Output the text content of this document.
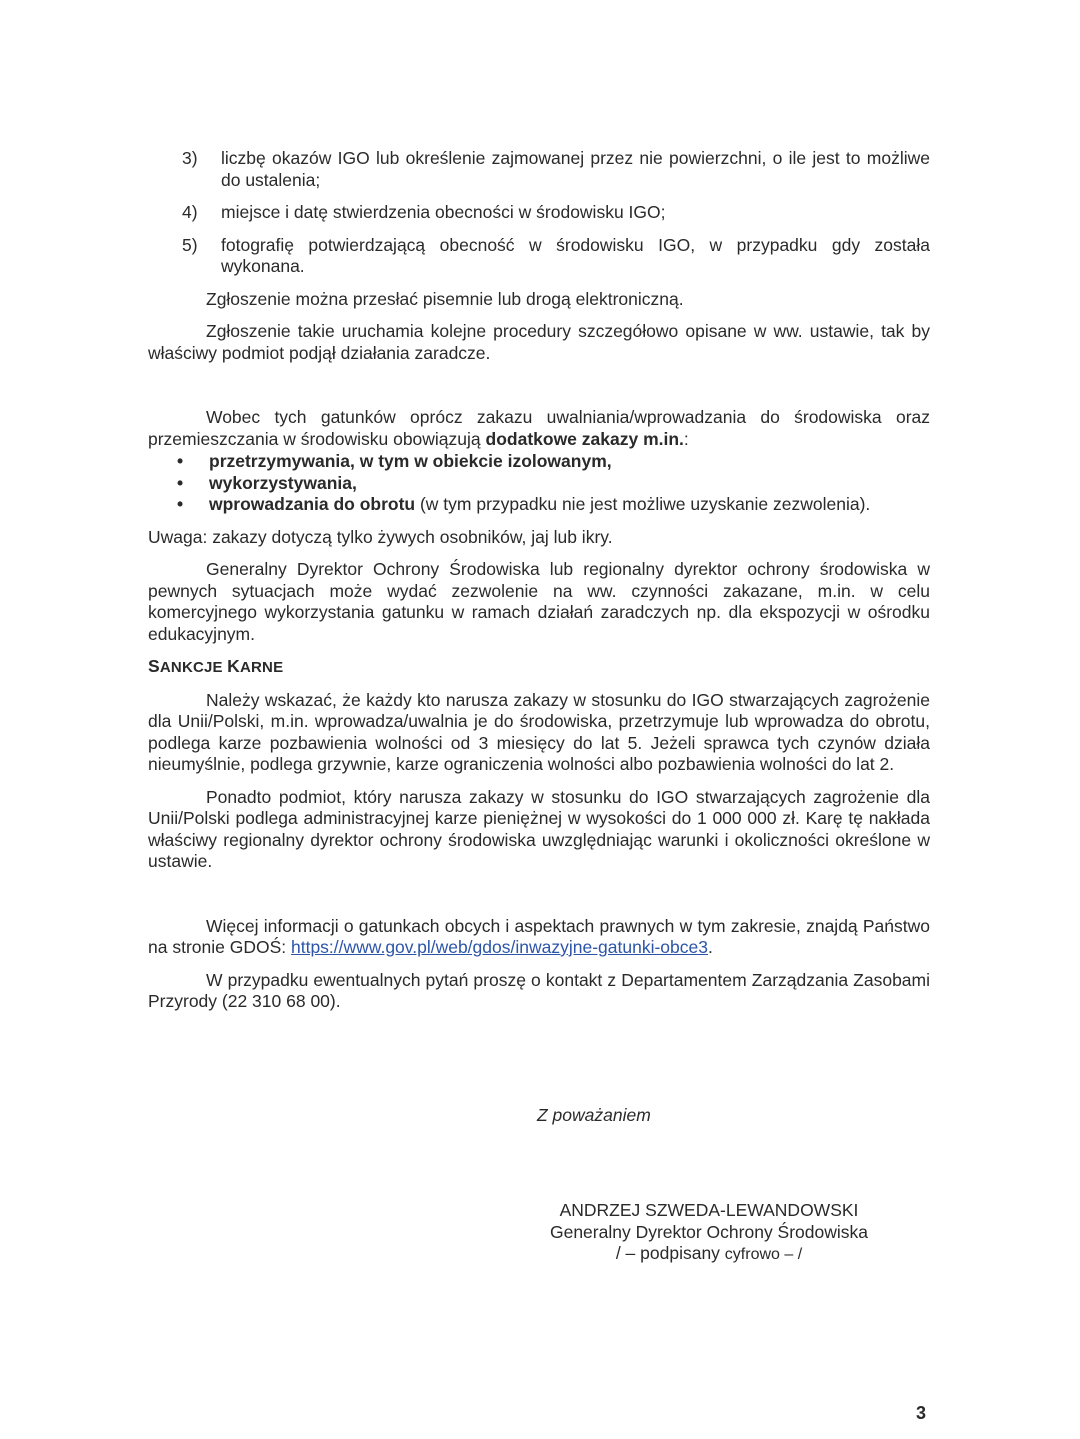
3) liczbę okazów IGO lub określenie zajmowanej przez nie powierzchni, o ile jest to możliwe do ustalenia;
4) miejsce i datę stwierdzenia obecności w środowisku IGO;
5) fotografię potwierdzającą obecność w środowisku IGO, w przypadku gdy została wykonana.

Zgłoszenie można przesłać pisemnie lub drogą elektroniczną.

Zgłoszenie takie uruchamia kolejne procedury szczegółowo opisane w ww. ustawie, tak by właściwy podmiot podjął działania zaradcze.

Wobec tych gatunków oprócz zakazu uwalniania/wprowadzania do środowiska oraz przemieszczania w środowisku obowiązują dodatkowe zakazy m.in.:

• przetrzymywania, w tym w obiekcie izolowanym,
• wykorzystywania,
• wprowadzania do obrotu (w tym przypadku nie jest możliwe uzyskanie zezwolenia).

Uwaga: zakazy dotyczą tylko żywych osobników, jaj lub ikry.

Generalny Dyrektor Ochrony Środowiska lub regionalny dyrektor ochrony środowiska w pewnych sytuacjach może wydać zezwolenie na ww. czynności zakazane, m.in. w celu komercyjnego wykorzystania gatunku w ramach działań zaradczych np. dla ekspozycji w ośrodku edukacyjnym.

SANKCJE KARNE

Należy wskazać, że każdy kto narusza zakazy w stosunku do IGO stwarzających zagrożenie dla Unii/Polski, m.in. wprowadza/uwalnia je do środowiska, przetrzymuje lub wprowadza do obrotu, podlega karze pozbawienia wolności od 3 miesięcy do lat 5. Jeżeli sprawca tych czynów działa nieumyślnie, podlega grzywnie, karze ograniczenia wolności albo pozbawienia wolności do lat 2.

Ponadto podmiot, który narusza zakazy w stosunku do IGO stwarzających zagrożenie dla Unii/Polski podlega administracyjnej karze pieniężnej w wysokości do 1 000 000 zł. Karę tę nakłada właściwy regionalny dyrektor ochrony środowiska uwzględniając warunki i okoliczności określone w ustawie.

Więcej informacji o gatunkach obcych i aspektach prawnych w tym zakresie, znajdą Państwo na stronie GDOŚ: https://www.gov.pl/web/gdos/inwazyjne-gatunki-obce3.

W przypadku ewentualnych pytań proszę o kontakt z Departamentem Zarządzania Zasobami Przyrody (22 310 68 00).

Z poważaniem
ANDRZEJ SZWEDA-LEWANDOWSKI
Generalny Dyrektor Ochrony Środowiska
/ – podpisany cyfrowo – /
3
